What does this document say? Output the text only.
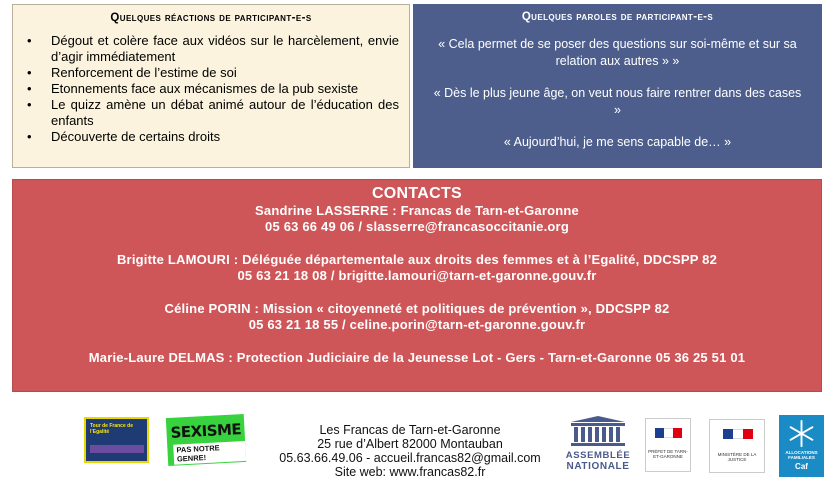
Quelques réactions de participant-e-s
• Dégout et colère face aux vidéos sur le harcèlement, envie d’agir immédiatement
• Renforcement de l’estime de soi
• Etonnements face aux mécanismes de la pub sexiste
• Le quizz amène un débat animé autour de l’éducation des enfants
• Découverte de certains droits
Quelques paroles de participant-e-s

« Cela permet de se poser des questions sur soi-même et sur sa relation aux autres » »

« Dès le plus jeune âge, on veut nous faire rentrer dans des cases »

« Aujourd’hui, je me sens capable de… »

CONTACTS
Sandrine LASSERRE : Francas de Tarn-et-Garonne
05 63 66 49 06 / slasserre@francasoccitanie.org
Brigitte LAMOURI : Déléguée départementale aux droits des femmes et à l’Egalité, DDCSPP 82
05 63 21 18 08 / brigitte.lamouri@tarn-et-garonne.gouv.fr
Céline PORIN : Mission « citoyenneté et politiques de prévention », DDCSPP 82
05 63 21 18 55 / celine.porin@tarn-et-garonne.gouv.fr
Marie-Laure DELMAS : Protection Judiciaire de la Jeunesse Lot - Gers - Tarn-et-Garonne 05 36 25 51 01
Tour de France de l’Egalité	SEXISME
PAS NOTRE GENRE!
Les Francas de Tarn-et-Garonne
25 rue d’Albert 82000 Montauban
05.63.66.49.06 - accueil.francas82@gmail.com
Site web: www.francas82.fr
ASSEMBLÉE
NATIONALE
PRÉFET DE TARN-ET-GARONNE	MINISTÈRE DE LA JUSTICE
ALLOCATIONS FAMILIALES
Caf
